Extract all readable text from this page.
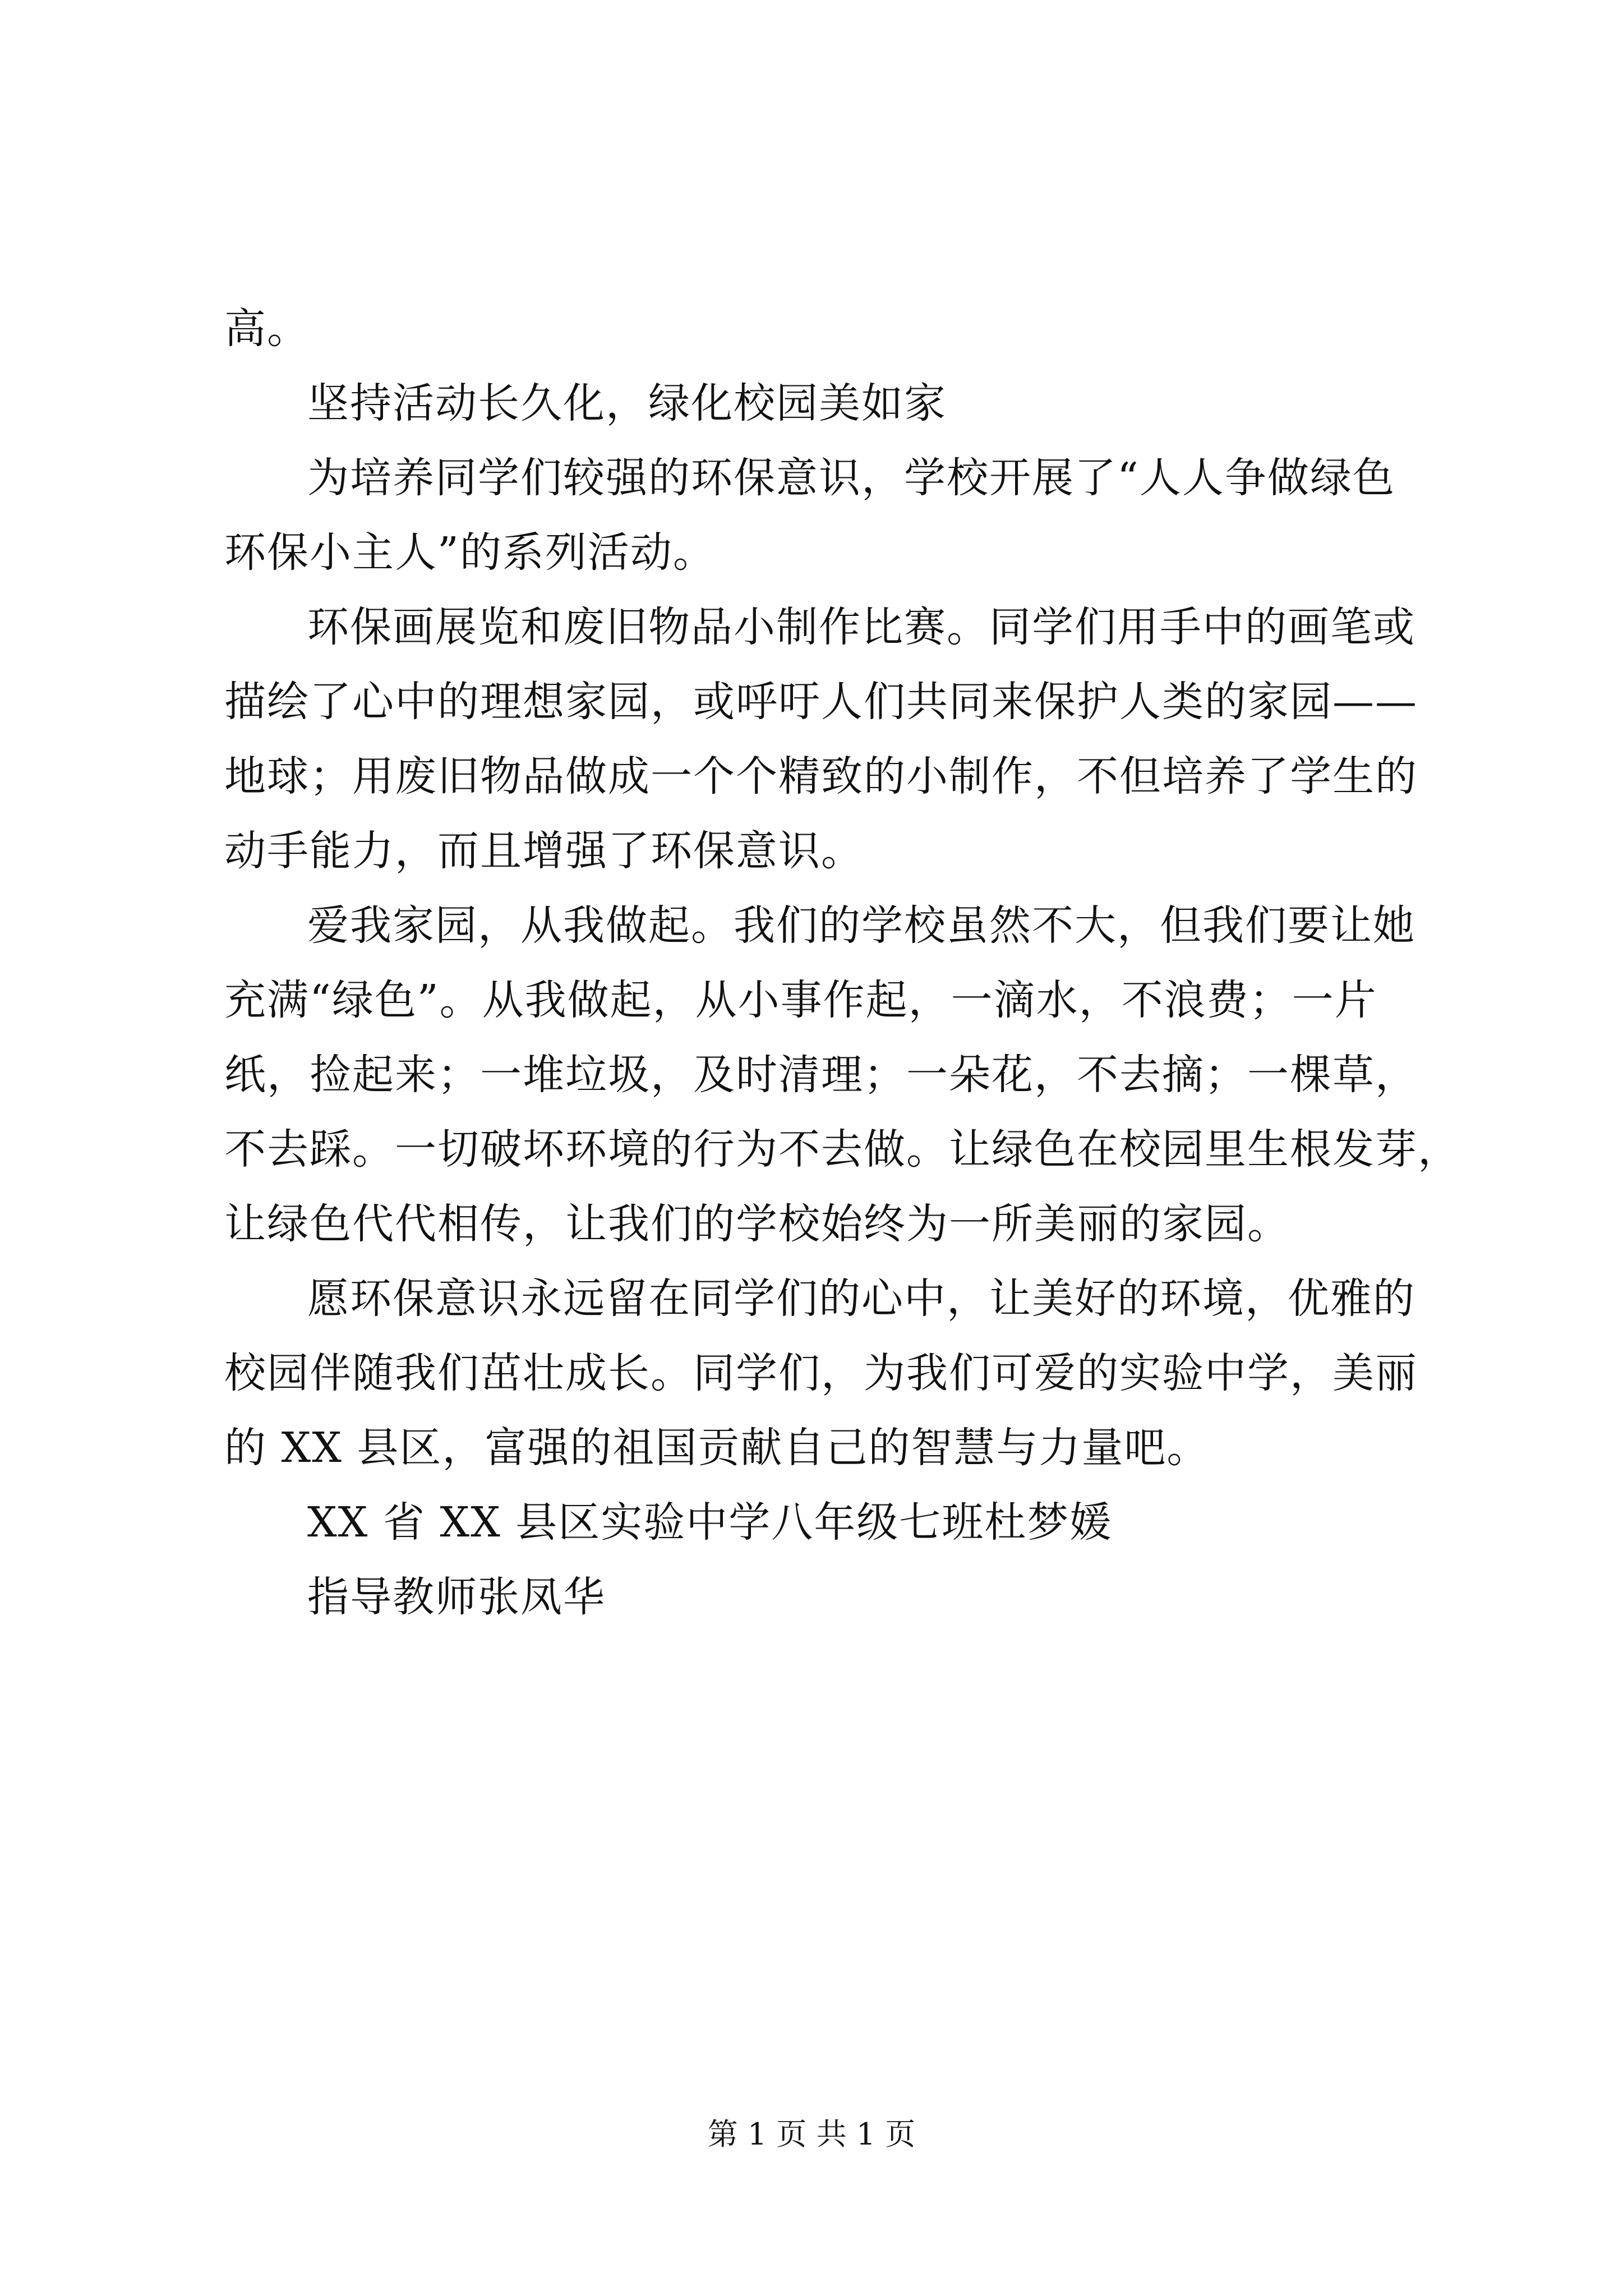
高。
坚持活动长久化，绿化校园美如家
为培养同学们较强的环保意识，学校开展了“人人争做绿色
环保小主人”的系列活动。
环保画展览和废旧物品小制作比赛。同学们用手中的画笔或
描绘了心中的理想家园，或呼吁人们共同来保护人类的家园——
地球；用废旧物品做成一个个精致的小制作，不但培养了学生的
动手能力，而且增强了环保意识。
爱我家园，从我做起。我们的学校虽然不大，但我们要让她
充满“绿色”。从我做起，从小事作起，一滴水，不浪费；一片
纸，捡起来；一堆垃圾，及时清理；一朵花，不去摘；一棵草，
不去踩。一切破坏环境的行为不去做。让绿色在校园里生根发芽，
让绿色代代相传，让我们的学校始终为一所美丽的家园。
愿环保意识永远留在同学们的心中，让美好的环境，优雅的
校园伴随我们茁壮成长。同学们，为我们可爱的实验中学，美丽
的 XX 县区，富强的祖国贡献自己的智慧与力量吧。
XX 省 XX 县区实验中学八年级七班杜梦媛
指导教师张凤华
第 1 页 共 1 页
